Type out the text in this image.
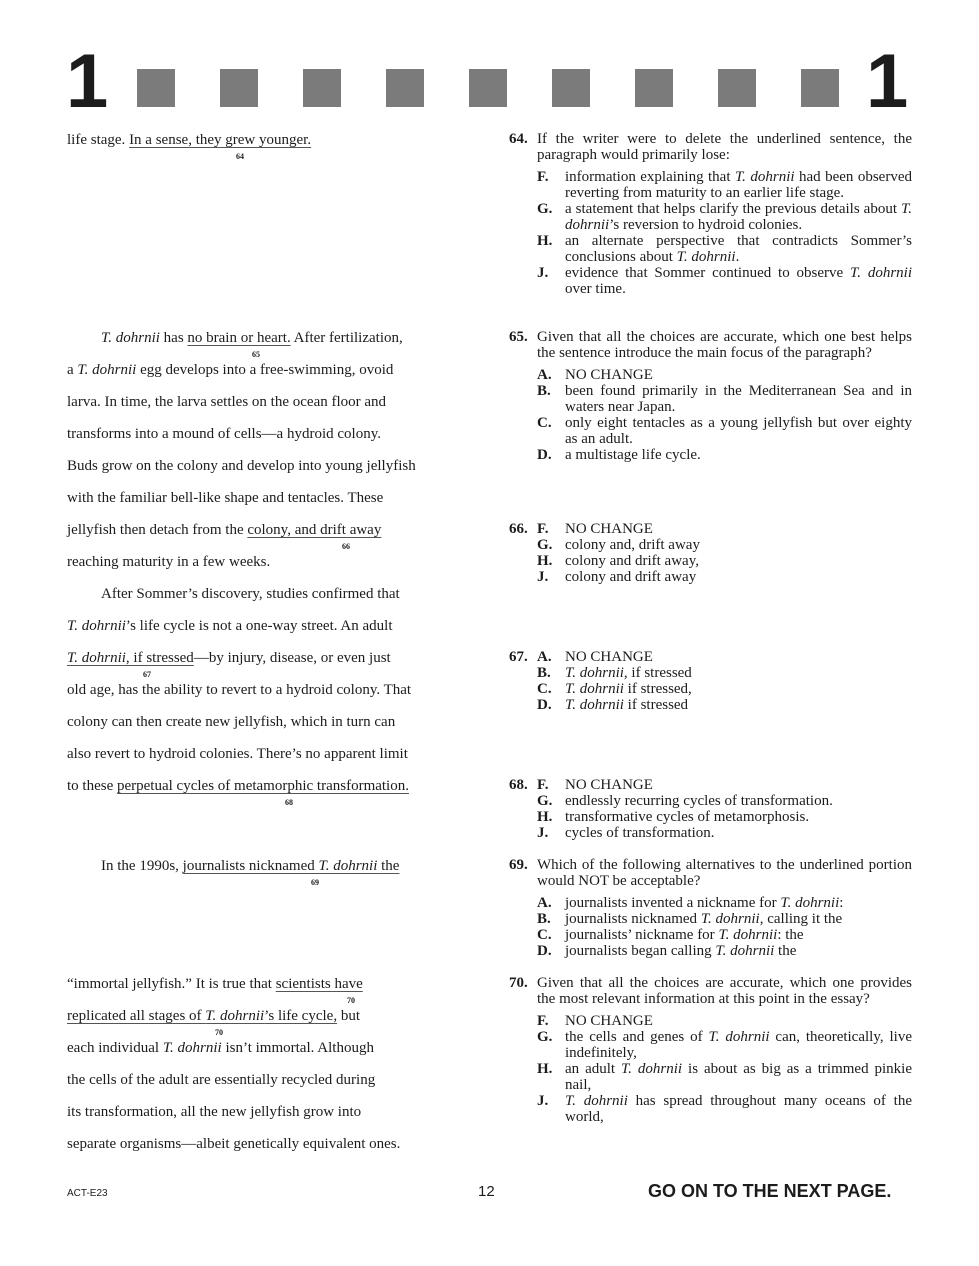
1	1
life stage. In a sense, they grew younger.
64
T. dohrnii has no brain or heart. After fertilization,
65
a T. dohrnii egg develops into a free-swimming, ovoid
larva. In time, the larva settles on the ocean floor and
transforms into a mound of cells—a hydroid colony.
Buds grow on the colony and develop into young jellyfish
with the familiar bell-like shape and tentacles. These
jellyfish then detach from the colony, and drift away
66
reaching maturity in a few weeks.
After Sommer’s discovery, studies confirmed that
T. dohrnii’s life cycle is not a one-way street. An adult
T. dohrnii, if stressed—by injury, disease, or even just
67
old age, has the ability to revert to a hydroid colony. That
colony can then create new jellyfish, which in turn can
also revert to hydroid colonies. There’s no apparent limit
to these perpetual cycles of metamorphic transformation.
68
In the 1990s, journalists nicknamed T. dohrnii the
69
“immortal jellyfish.” It is true that scientists have
70
replicated all stages of T. dohrnii’s life cycle, but
70
each individual T. dohrnii isn’t immortal. Although
the cells of the adult are essentially recycled during
its transformation, all the new jellyfish grow into
separate organisms—albeit genetically equivalent ones.
64. If the writer were to delete the underlined sentence, the paragraph would primarily lose:
F.	information explaining that T. dohrnii had been observed reverting from maturity to an earlier life stage.
G. a statement that helps clarify the previous details about T. dohrnii’s reversion to hydroid colonies.
H. an alternate perspective that contradicts Sommer’s conclusions about T. dohrnii.
J.	evidence that Sommer continued to observe T. dohrnii over time.
65. Given that all the choices are accurate, which one best helps the sentence introduce the main focus of the paragraph?
A. NO CHANGE
B. been found primarily in the Mediterranean Sea and in waters near Japan.
C. only eight tentacles as a young jellyfish but over eighty as an adult.
D. a multistage life cycle.
66. F.	NO CHANGE
G. colony and, drift away
H. colony and drift away,
J.	colony and drift away
67. A. NO CHANGE
B. T. dohrnii, if stressed
C. T. dohrnii if stressed,
D. T. dohrnii if stressed
68. F.	NO CHANGE
G. endlessly recurring cycles of transformation.
H. transformative cycles of metamorphosis.
J.	cycles of transformation.
69. Which of the following alternatives to the underlined portion would NOT be acceptable?
A. journalists invented a nickname for T. dohrnii:
B. journalists nicknamed T. dohrnii, calling it the
C. journalists’ nickname for T. dohrnii: the
D. journalists began calling T. dohrnii the
70. Given that all the choices are accurate, which one provides the most relevant information at this point in the essay?
F.	NO CHANGE
G. the cells and genes of T. dohrnii can, theoretically, live indefinitely,
H. an adult T. dohrnii is about as big as a trimmed pinkie nail,
J.	T. dohrnii has spread throughout many oceans of the world,
ACT-E23	12	GO ON TO THE NEXT PAGE.
